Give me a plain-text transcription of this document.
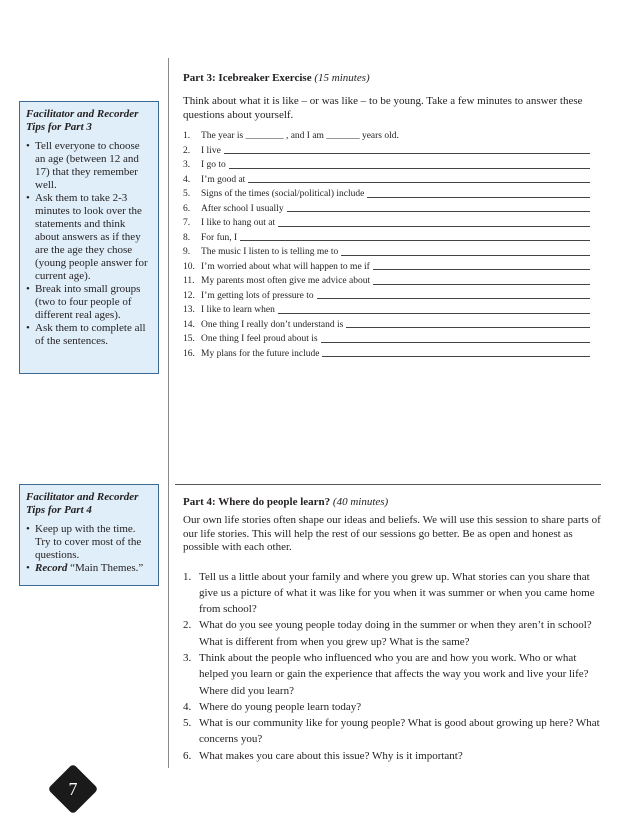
Facilitator and Recorder Tips for Part 3
• Tell everyone to choose an age (between 12 and 17) that they remember well.
• Ask them to take 2-3 minutes to look over the statements and think about answers as if they are the age they chose (young people answer for current age).
• Break into small groups (two to four people of different real ages).
• Ask them to complete all of the sentences.
Part 3: Icebreaker Exercise (15 minutes)
Think about what it is like – or was like – to be young. Take a few minutes to answer these questions about yourself.
1.	The year is ________ , and I am _______ years old.
2.	I live
3.	I go to
4.	I’m good at
5.	Signs of the times (social/political) include
6.	After school I usually
7.	I like to hang out at
8.	For fun, I
9.	The music I listen to is telling me to
10. I’m worried about what will happen to me if
11. My parents most often give me advice about
12. I’m getting lots of pressure to
13. I like to learn when
14. One thing I really don’t understand is
15. One thing I feel proud about is
16. My plans for the future include
Facilitator and Recorder Tips for Part 4
• Keep up with the time. Try to cover most of the questions.
• Record “Main Themes.”
Part 4: Where do people learn? (40 minutes)
Our own life stories often shape our ideas and beliefs. We will use this session to share parts of our life stories. This will help the rest of our sessions go better. Be as open and honest as possible with each other.
1. Tell us a little about your family and where you grew up. What stories can you share that give us a picture of what it was like for you when it was summer or when you came home from school?
2. What do you see young people today doing in the summer or when they aren’t in school? What is different from when you grew up? What is the same?
3. Think about the people who influenced who you are and how you work. Who or what helped you learn or gain the experience that affects the way you work and live your life? Where did you learn?
4. Where do young people learn today?
5. What is our community like for young people? What is good about growing up here? What concerns you?
6. What makes you care about this issue? Why is it important?
7
